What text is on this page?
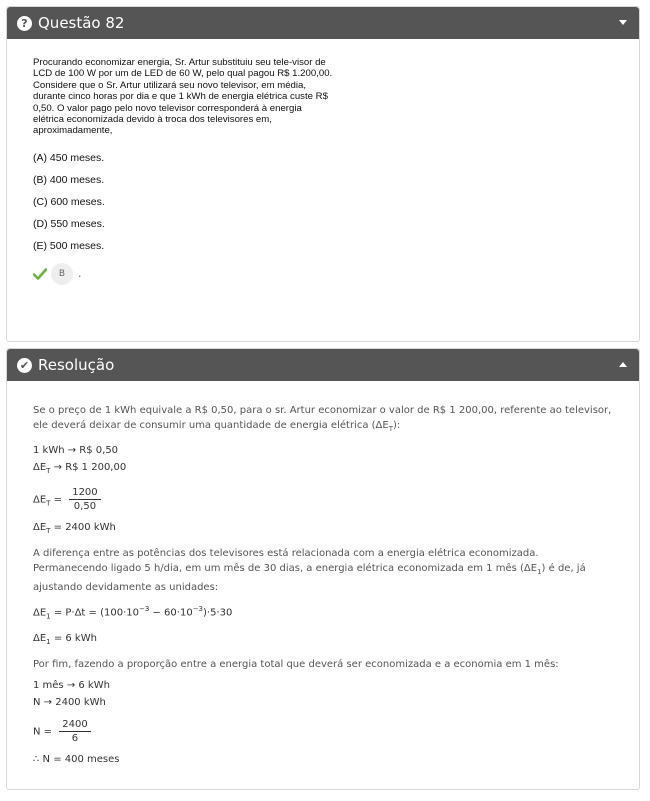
? Questão 82
Procurando economizar energia, Sr. Artur substituiu seu tele-visor de LCD de 100 W por um de LED de 60 W, pelo qual pagou R$ 1.200,00. Considere que o Sr. Artur utilizará seu novo televisor, em média, durante cinco horas por dia e que 1 kWh de energia elétrica custe R$ 0,50. O valor pago pelo novo televisor corresponderá à energia elétrica economizada devido à troca dos televisores em, aproximadamente,
(A) 450 meses.
(B) 400 meses.
(C) 600 meses.
(D) 550 meses.
(E) 500 meses.
B	.
✔ Resolução

Se o preço de 1 kWh equivale a R$ 0,50, para o sr. Artur economizar o valor de R$ 1 200,00, referente ao televisor, ele deverá deixar de consumir uma quantidade de energia elétrica $(\Delta E_T)$:

1 kWh → R$ 0,50
$\Delta E_T$ → R$ 1 200,00
$\Delta E_T = \frac{1200}{0,50}$
$\Delta E_T = 2400$ kWh

A diferença entre as potências dos televisores está relacionada com a energia elétrica economizada. Permanecendo ligado 5 h/dia, em um mês de 30 dias, a energia elétrica economizada em 1 mês $(\Delta E_1)$ é de, já ajustando devidamente as unidades:

$\Delta E_1 = P\cdot\Delta t = (100\cdot 10^{-3} - 60\cdot 10^{-3})\cdot 5\cdot 30$
$\Delta E_1 = 6$ kWh

Por fim, fazendo a proporção entre a energia total que deverá ser economizada e a economia em 1 mês:

1 mês → 6 kWh
N → 2400 kWh
$N = \frac{2400}{6}$
∴ N = 400 meses
